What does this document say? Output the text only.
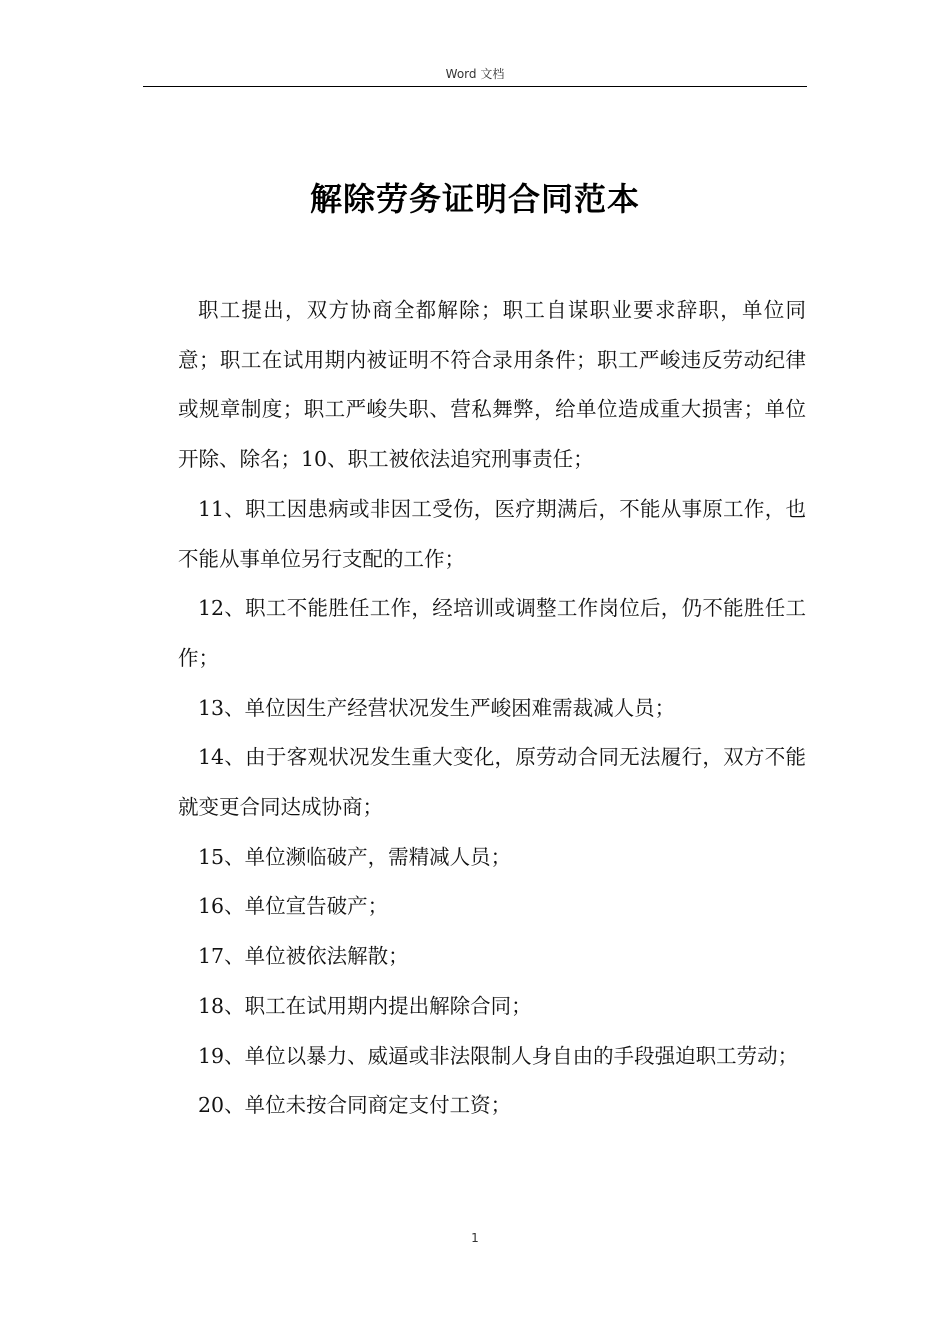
Word 文档
解除劳务证明合同范本

职工提出，双方协商全都解除；职工自谋职业要求辞职，单位同意；职工在试用期内被证明不符合录用条件；职工严峻违反劳动纪律或规章制度；职工严峻失职、营私舞弊，给单位造成重大损害；单位开除、除名；10、职工被依法追究刑事责任；

11、职工因患病或非因工受伤，医疗期满后，不能从事原工作，也不能从事单位另行支配的工作；

12、职工不能胜任工作，经培训或调整工作岗位后，仍不能胜任工作；

13、单位因生产经营状况发生严峻困难需裁减人员；

14、由于客观状况发生重大变化，原劳动合同无法履行，双方不能就变更合同达成协商；

15、单位濒临破产，需精减人员；

16、单位宣告破产；

17、单位被依法解散；

18、职工在试用期内提出解除合同；

19、单位以暴力、威逼或非法限制人身自由的手段强迫职工劳动；

20、单位未按合同商定支付工资；

1
